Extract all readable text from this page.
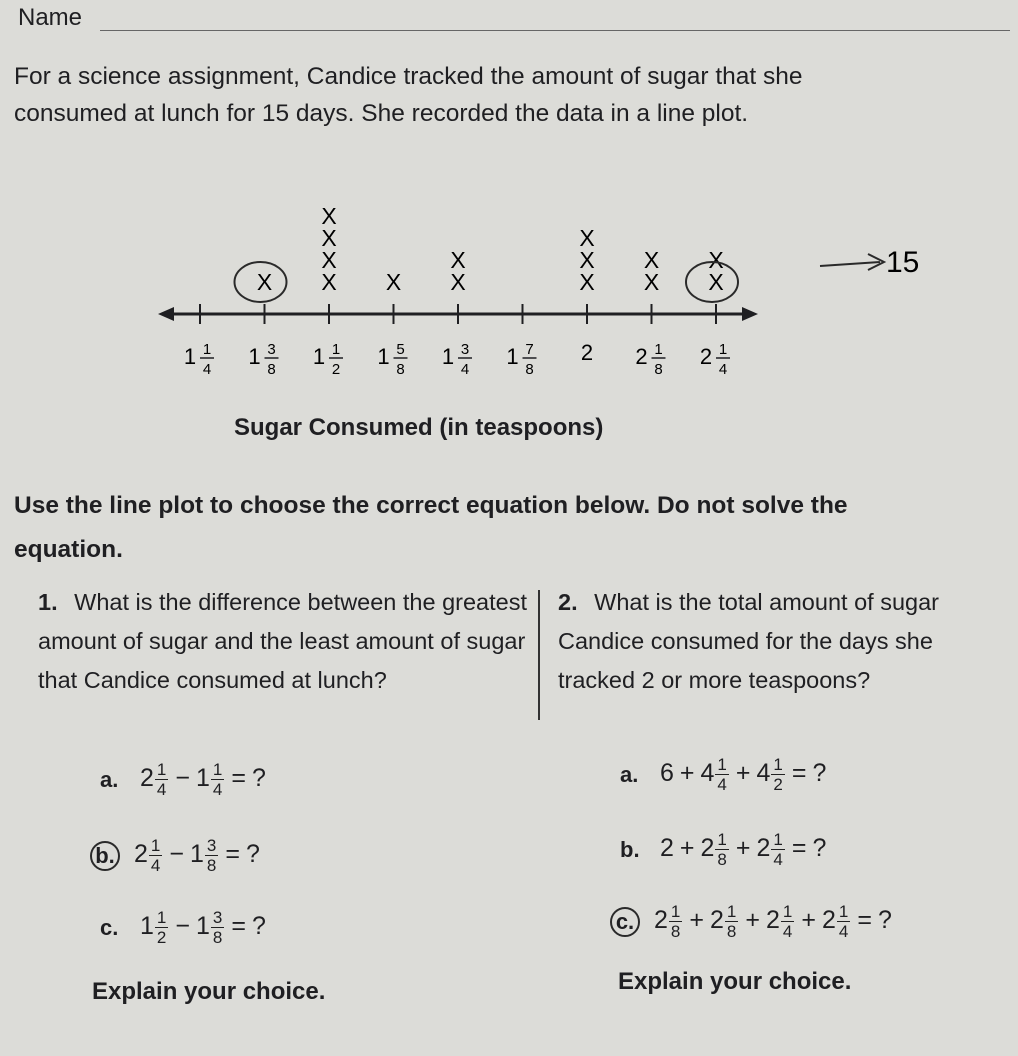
Name
For a science assignment, Candice tracked the amount of sugar that she consumed at lunch for 15 days. She recorded the data in a line plot.
1 1
4
1 3
8
X
1 1
2
X
X
X
X
1 5
8
X
1 3
4
X
X
1 7
8
2
X
X
X
2 1
8
X
X
2 1
4
X
X	15
Sugar Consumed (in teaspoons)
Use the line plot to choose the correct equation below. Do not solve the equation.
1. What is the difference between the greatest amount of sugar and the least amount of sugar that Candice consumed at lunch?
a. $2 \frac{1}{4} - 1 \frac{1}{4}$ = ?
b. $2 \frac{1}{4} - 1 \frac{3}{8}$ = ?
c. $1 \frac{1}{2} - 1 \frac{3}{8}$ = ?
Explain your choice.
2. What is the total amount of sugar Candice consumed for the days she tracked 2 or more teaspoons?
a. $6 + 4 \frac{1}{4} + 4 \frac{1}{2}$ = ?
b. $2 + 2 \frac{1}{8} + 2 \frac{1}{4}$ = ?
c. $2 \frac{1}{8} + 2 \frac{1}{8} + 2 \frac{1}{4} + 2 \frac{1}{4}$ = ?
Explain your choice.
